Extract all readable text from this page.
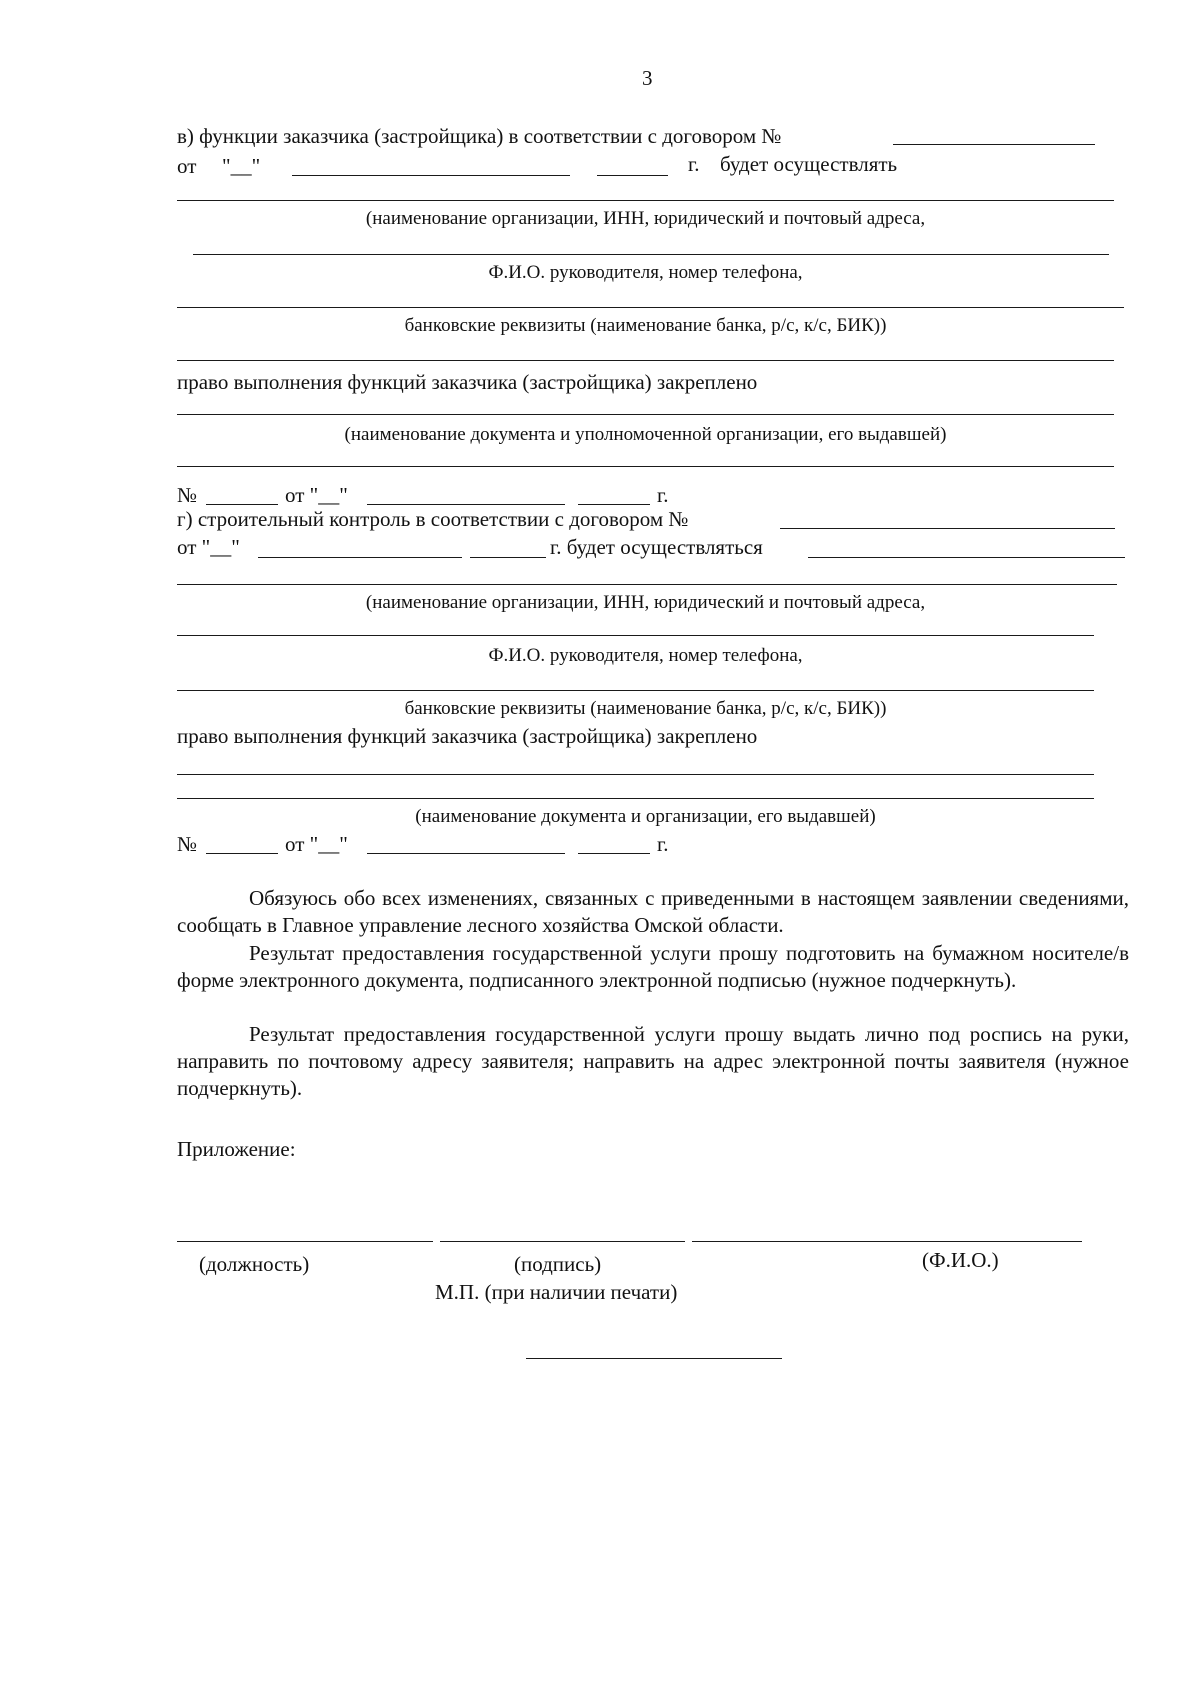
3
в) функции заказчика (застройщика) в соответствии с договором №
от "__"	г. будет осуществлять
(наименование организации, ИНН, юридический и почтовый адреса,
Ф.И.О. руководителя, номер телефона,
банковские реквизиты (наименование банка, р/с, к/с, БИК))
право выполнения функций заказчика (застройщика) закреплено
(наименование документа и уполномоченной организации, его выдавшей)
№	от "__"	г.
г) строительный контроль в соответствии с договором №
от "__"	г. будет осуществляться
(наименование организации, ИНН, юридический и почтовый адреса,
Ф.И.О. руководителя, номер телефона,
банковские реквизиты (наименование банка, р/с, к/с, БИК))
право выполнения функций заказчика (застройщика) закреплено
(наименование документа и организации, его выдавшей)
№	от "__"	г.
Обязуюсь обо всех изменениях, связанных с приведенными в настоящем заявлении сведениями, сообщать в Главное управление лесного хозяйства Омской области.
Результат предоставления государственной услуги прошу подготовить на бумажном носителе/в форме электронного документа, подписанного электронной подписью (нужное подчеркнуть).
Результат предоставления государственной услуги прошу выдать лично под роспись на руки, направить по почтовому адресу заявителя; направить на адрес электронной почты заявителя (нужное подчеркнуть).
Приложение:
(должность)	(подпись)	(Ф.И.О.)
М.П. (при наличии печати)
